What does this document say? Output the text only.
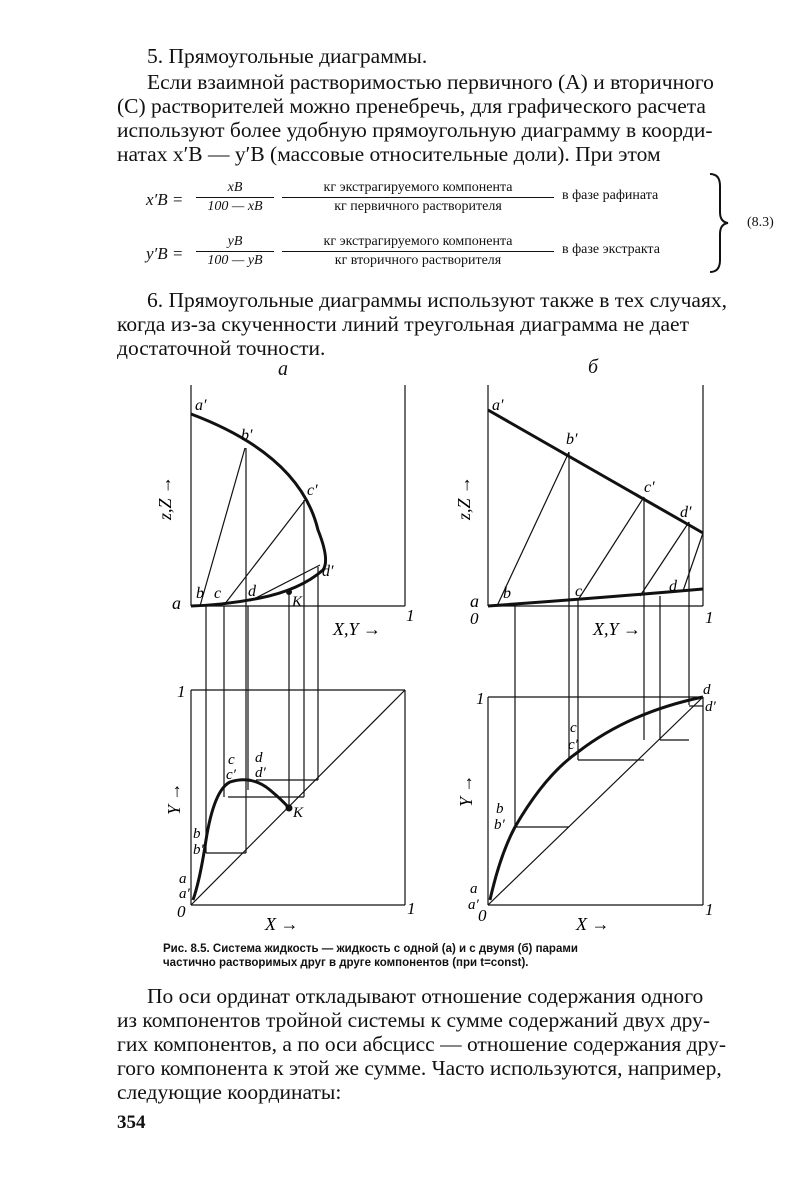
5. Прямоугольные диаграммы.
Если взаимной растворимостью первичного (A) и вторичного
(C) растворителей можно пренебречь, для графического расчета
используют более удобную прямоугольную диаграмму в коорди-
натах x′B — y′B (массовые относительные доли). При этом
$x'B = \frac{xB}{100 — xB}$	кг экстрагируемого компонента
кг первичного растворителя
в фазе рафината
$y'B = \frac{yB}{100 — yB}$	кг экстрагируемого компонента
кг вторичного растворителя
в фазе экстракта
(8.3)
6. Прямоугольные диаграммы используют также в тех случаях,
когда из-за скученности линий треугольная диаграмма не дает
достаточной точности.
а	б
z,Z →
X,Y →
a
1
a′
b′
c′
d′
b c d
K
z,Z →
X,Y →
a
0	1
a′
b′
c′
d′
b	c	d
Y →
X →
0	1
1
a
a′
b
b′
c
c′
d
d′
K
Y →
X →
0	1
1
a
a′
b
b′
c
c′
d
d′
Рис. 8.5. Система жидкость — жидкость с одной (а) и с двумя (б) парами
частично растворимых друг в друге компонентов (при t=const).
По оси ординат откладывают отношение содержания одного
из компонентов тройной системы к сумме содержаний двух дру-
гих компонентов, а по оси абсцисс — отношение содержания дру-
гого компонента к этой же сумме. Часто используются, например,
следующие координаты:
354
